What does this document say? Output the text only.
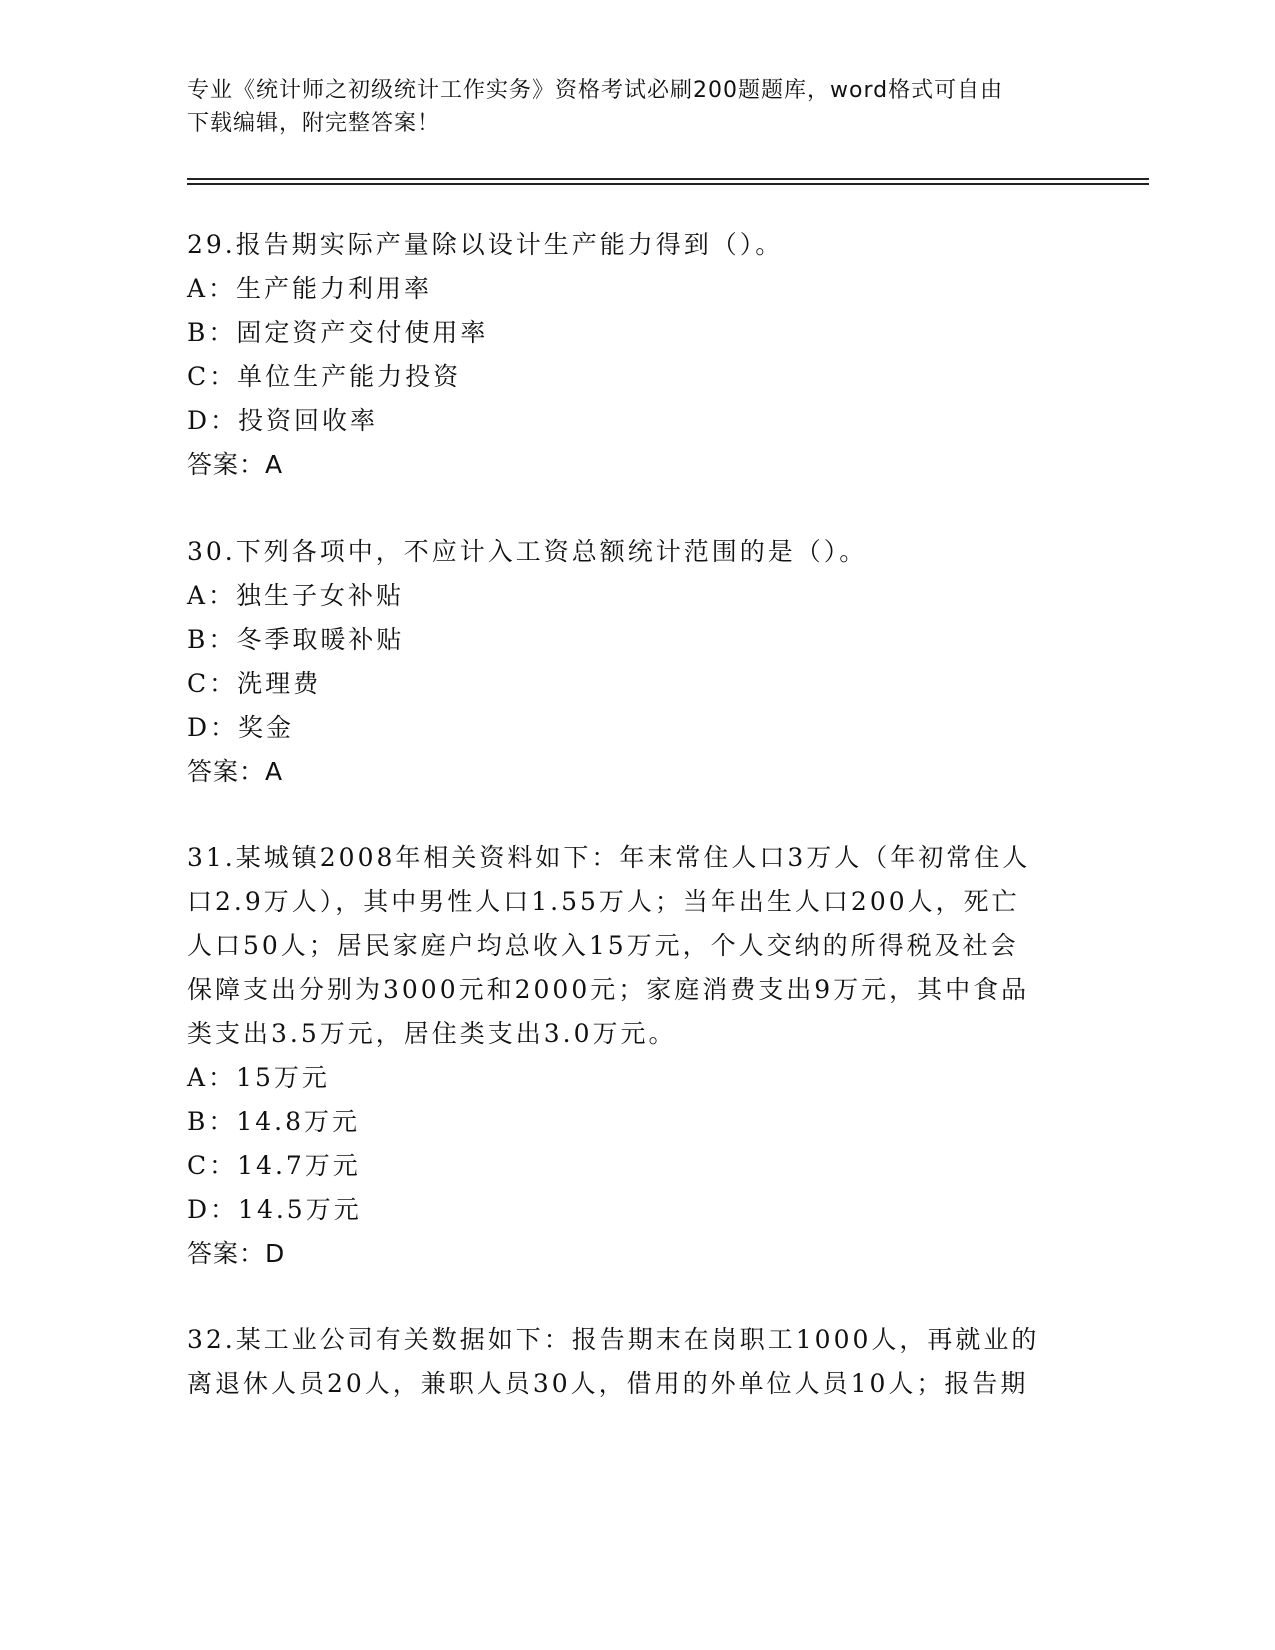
专业《统计师之初级统计工作实务》资格考试必刷200题题库，word格式可自由
下载编辑，附完整答案！
29.报告期实际产量除以设计生产能力得到（）。
A：生产能力利用率
B：固定资产交付使用率
C：单位生产能力投资
D：投资回收率
答案：A
30.下列各项中，不应计入工资总额统计范围的是（）。
A：独生子女补贴
B：冬季取暖补贴
C：洗理费
D：奖金
答案：A
31.某城镇2008年相关资料如下：年末常住人口3万人（年初常住人
口2.9万人），其中男性人口1.55万人；当年出生人口200人，死亡
人口50人；居民家庭户均总收入15万元，个人交纳的所得税及社会
保障支出分别为3000元和2000元；家庭消费支出9万元，其中食品
类支出3.5万元，居住类支出3.0万元。
A：15万元
B：14.8万元
C：14.7万元
D：14.5万元
答案：D
32.某工业公司有关数据如下：报告期末在岗职工1000人，再就业的
离退休人员20人，兼职人员30人，借用的外单位人员10人；报告期
